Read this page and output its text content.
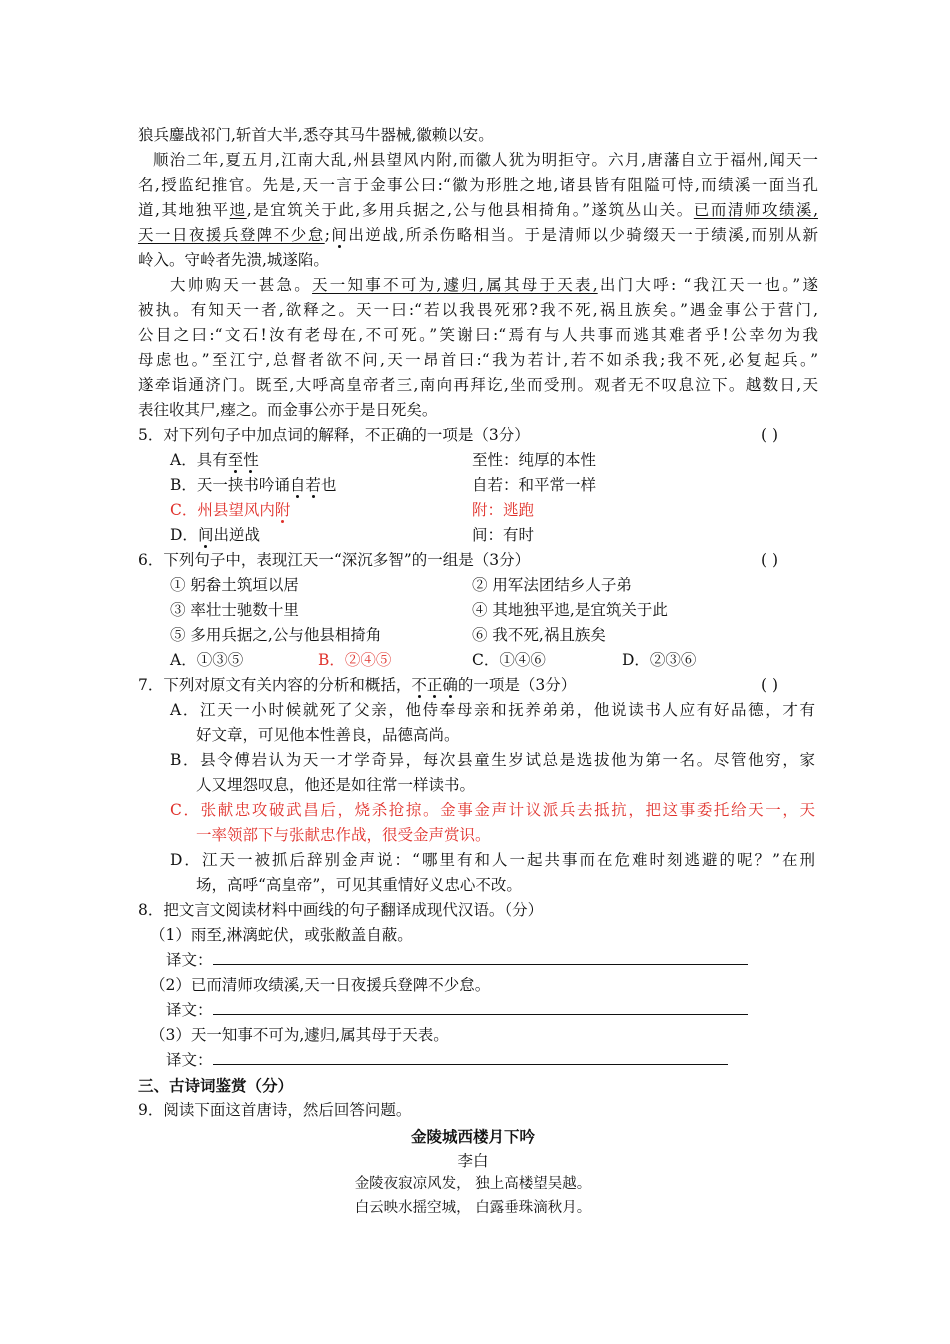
狼兵鏖战祁门,斩首大半,悉夺其马牛器械,徽赖以安。
顺治二年,夏五月,江南大乱,州县望风内附,而徽人犹为明拒守。六月,唐藩自立于福州,闻天一
名,授监纪推官。先是,天一言于金事公曰:“徽为形胜之地,诸县皆有阻隘可恃,而绩溪一面当孔
道,其地独平迆,是宜筑关于此,多用兵据之,公与他县相掎角。”遂筑丛山关。已而清师攻绩溪,
天一日夜援兵登陴不少怠;间出逆战,所杀伤略相当。于是清师以少骑缀天一于绩溪,而别从新
岭入。守岭者先溃,城遂陷。
大帅购天一甚急。天一知事不可为,遽归,属其母于天表,出门大呼: “我江天一也。”遂
被执。有知天一者,欲释之。天一曰:“若以我畏死邪?我不死,祸且族矣。”遇金事公于营门,
公目之曰:“文石!汝有老母在,不可死。”笑谢曰:“焉有与人共事而逃其难者乎!公幸勿为我
母虑也。”至江宁,总督者欲不问,天一昂首曰:“我为若计,若不如杀我;我不死,必复起兵。”
遂牵诣通济门。既至,大呼高皇帝者三,南向再拜讫,坐而受刑。观者无不叹息泣下。越数日,天
表往收其尸,瘗之。而金事公亦于是日死矣。
5．对下列句子中加点词的解释，不正确的一项是（3分）	( )
A．具有至性	至性：纯厚的本性
B．天一挟书吟诵自若也	自若：和平常一样
C．州县望风内附	附：逃跑
D．间出逆战	间：有时
6．下列句子中，表现江天一“深沉多智”的一组是（3分）	( )
① 躬畚土筑垣以居	② 用军法团结乡人子弟
③ 率壮士驰数十里	④ 其地独平迆,是宜筑关于此
⑤ 多用兵据之,公与他县相掎角	⑥ 我不死,祸且族矣
A．①③⑤	B．②④⑤	C．①④⑥	D．②③⑥
7．下列对原文有关内容的分析和概括，不正确的一项是（3分）	( )
A．江天一小时候就死了父亲，他侍奉母亲和抚养弟弟，他说读书人应有好品德，才有
好文章，可见他本性善良，品德高尚。
B．县令傅岩认为天一才学奇异，每次县童生岁试总是选拔他为第一名。尽管他穷，家
人又埋怨叹息，他还是如往常一样读书。
C．张献忠攻破武昌后，烧杀抢掠。金事金声计议派兵去抵抗，把这事委托给天一，天
一率领部下与张献忠作战，很受金声赏识。
D．江天一被抓后辞别金声说：“哪里有和人一起共事而在危难时刻逃避的呢？”在刑
场，高呼“高皇帝”，可见其重情好义忠心不改。
8．把文言文阅读材料中画线的句子翻译成现代汉语。（分）
（1）雨至,淋漓蛇伏，或张敝盖自蔽。
译文：
（2）已而清师攻绩溪,天一日夜援兵登陴不少怠。
译文：
（3）天一知事不可为,遽归,属其母于天表。
译文：
三、古诗词鉴赏（分）
9．阅读下面这首唐诗，然后回答问题。
金陵城西楼月下吟
李白
金陵夜寂凉风发， 独上高楼望吴越。
白云映水摇空城， 白露垂珠滴秋月。
